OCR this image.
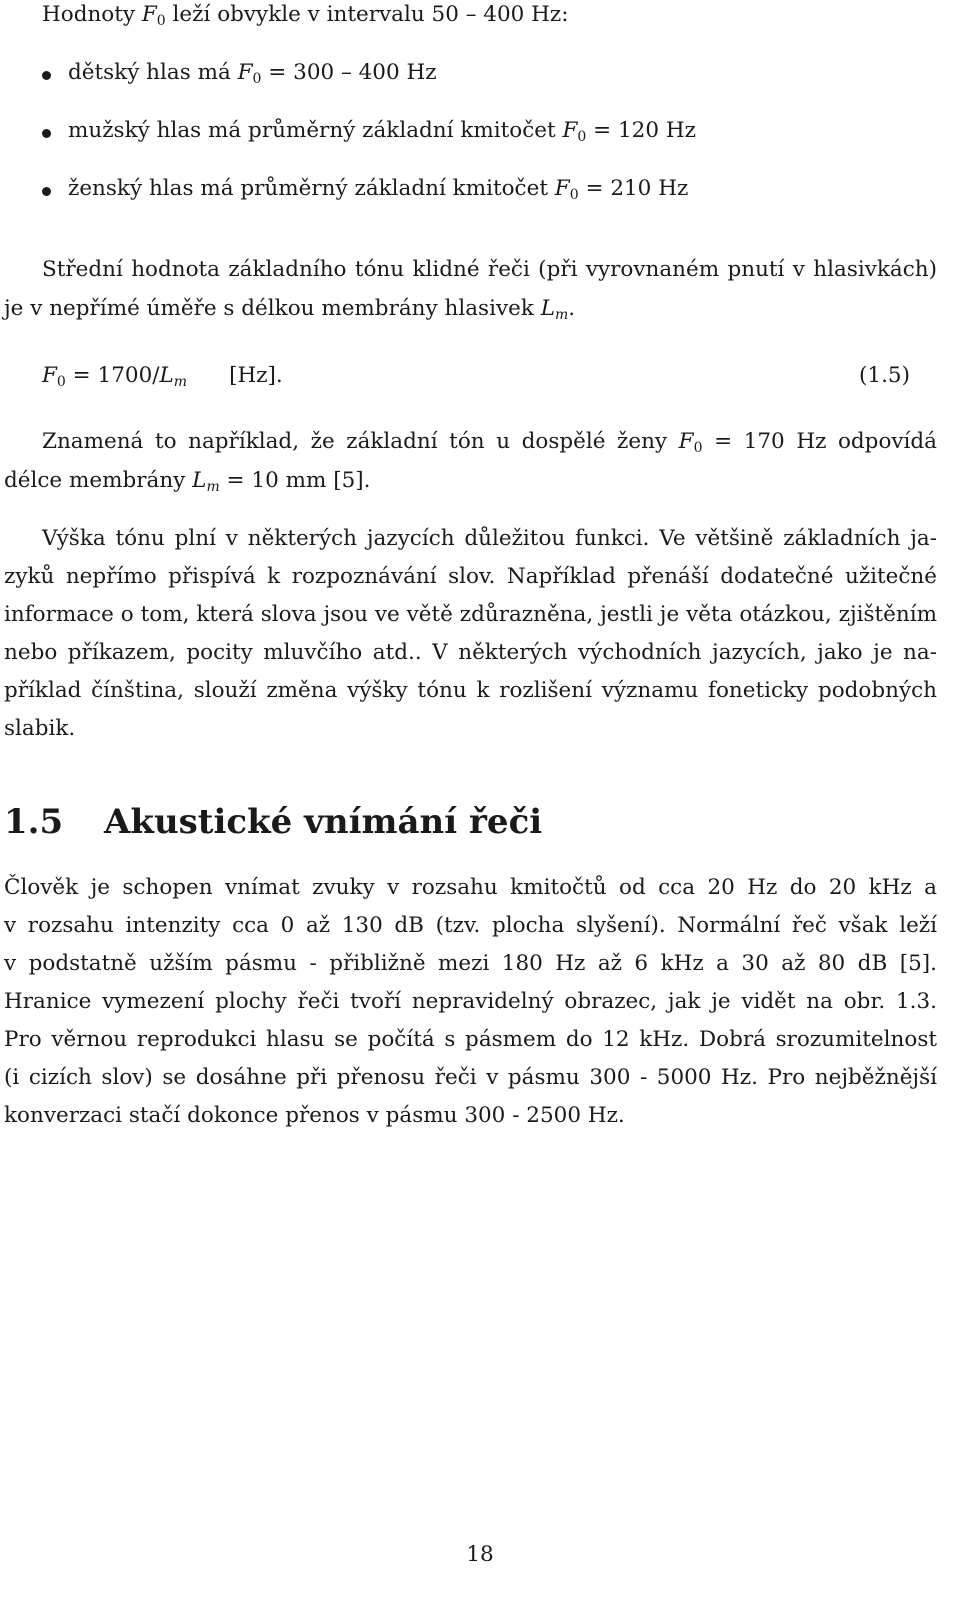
Hodnoty $F_0$ leží obvykle v intervalu 50 – 400 Hz:
dětský hlas má $F_0 = 300 - 400$ Hz
mužský hlas má průměrný základní kmitočet $F_0 = 120$ Hz
ženský hlas má průměrný základní kmitočet $F_0 = 210$ Hz
Střední hodnota základního tónu klidné řeči (při vyrovnaném pnutí v hlasivkách)
je v nepřímé úměře s délkou membrány hlasivek $L_m$.
$F_0 = 1700/L_m$ [Hz].	(1.5)
Znamená to například, že základní tón u dospělé ženy $F_0 = 170$ Hz odpovídá
délce membrány $L_m = 10$ mm [5].
Výška tónu plní v některých jazycích důležitou funkci. Ve většině základních ja-
zyků nepřímo přispívá k rozpoznávání slov. Například přenáší dodatečné užitečné
informace o tom, která slova jsou ve větě zdůrazněna, jestli je věta otázkou, zjištěním
nebo příkazem, pocity mluvčího atd.. V některých východních jazycích, jako je na-
příklad čínština, slouží změna výšky tónu k rozlišení významu foneticky podobných
slabik.
1.5 Akustické vnímání řeči
Člověk je schopen vnímat zvuky v rozsahu kmitočtů od cca 20 Hz do 20 kHz a
v rozsahu intenzity cca 0 až 130 dB (tzv. plocha slyšení). Normální řeč však leží
v podstatně užším pásmu - přibližně mezi 180 Hz až 6 kHz a 30 až 80 dB [5].
Hranice vymezení plochy řeči tvoří nepravidelný obrazec, jak je vidět na obr. 1.3.
Pro věrnou reprodukci hlasu se počítá s pásmem do 12 kHz. Dobrá srozumitelnost
(i cizích slov) se dosáhne při přenosu řeči v pásmu 300 - 5000 Hz. Pro nejběžnější
konverzaci stačí dokonce přenos v pásmu 300 - 2500 Hz.
18
